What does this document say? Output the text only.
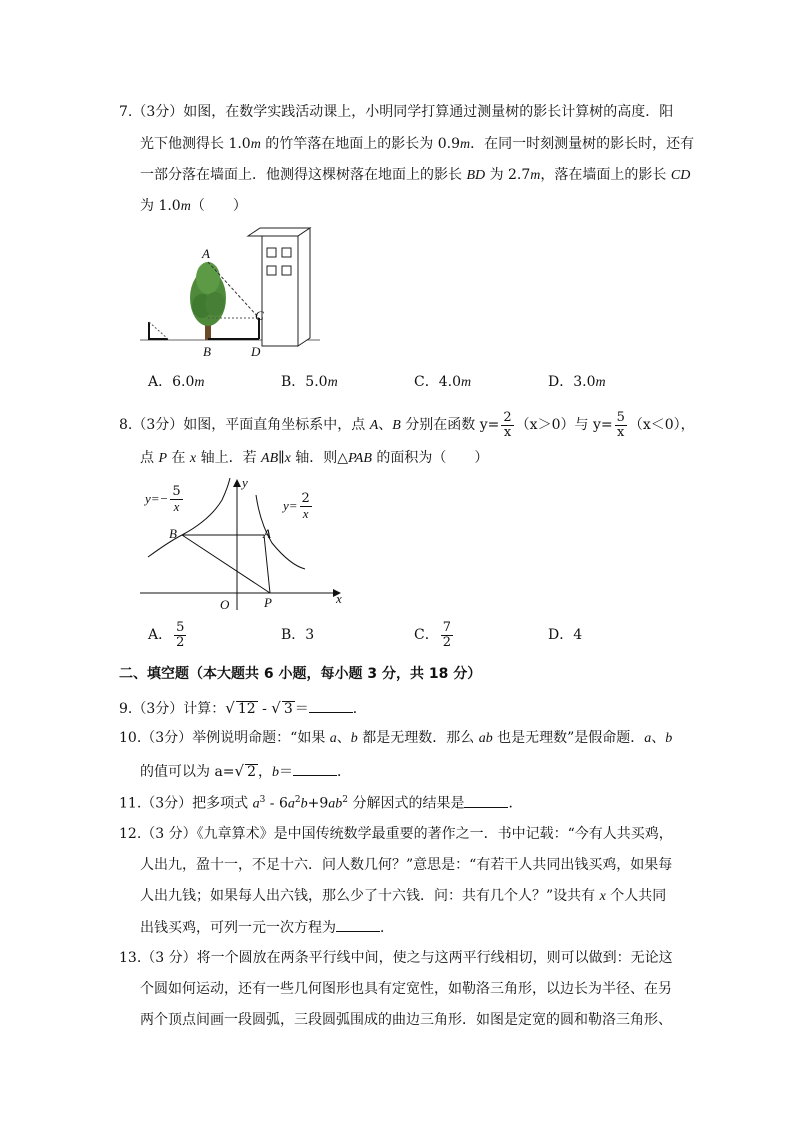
7.（3分）如图，在数学实践活动课上，小明同学打算通过测量树的影长计算树的高度．阳
光下他测得长 1.0m 的竹竿落在地面上的影长为 0.9m．在同一时刻测量树的影长时，还有
一部分落在墙面上．他测得这棵树落在地面上的影长 BD 为 2.7m，落在墙面上的影长 CD
为 1.0m（　　）
A
C
B	D
A．6.0m	B．5.0m	C．4.0m	D．3.0m
8.（3分）如图，平面直角坐标系中，点 A、B 分别在函数 $y= \frac{2}{x} (x>0)$与 $y= \frac{5}{x} (x<0)$，
点 P 在 x 轴上．若 AB∥x 轴．则△PAB 的面积为（　　）
y
x
O
B	A
P
$y=- \frac{5}{x}$	$y= \frac{2}{x}$
A． $\frac{5}{2}$	B．3	C． $\frac{7}{2}$	D．4
二、填空题（本大题共 6 小题，每小题 3 分，共 18 分）
9.（3分）计算：√ 12 - √ 3 ＝	．
10.（3分）举例说明命题：“如果 a、b 都是无理数．那么 ab 也是无理数”是假命题．a、b
的值可以为 a=√ 2 ，b＝	．
11.（3分）把多项式 $a^3 - 6a^2b+9ab^2$ 分解因式的结果是	．
12.（3 分）《九章算术》是中国传统数学最重要的著作之一．书中记载：“今有人共买鸡，
人出九，盈十一，不足十六．问人数几何？”意思是：“有若干人共同出钱买鸡，如果每
人出九钱；如果每人出六钱，那么少了十六钱．问：共有几个人？”设共有 x 个人共同
出钱买鸡，可列一元一次方程为	．
13.（3 分）将一个圆放在两条平行线中间，使之与这两平行线相切，则可以做到：无论这
个圆如何运动，还有一些几何图形也具有定宽性，如勒洛三角形，以边长为半径、在另
两个顶点间画一段圆弧，三段圆弧围成的曲边三角形．如图是定宽的圆和勒洛三角形、
